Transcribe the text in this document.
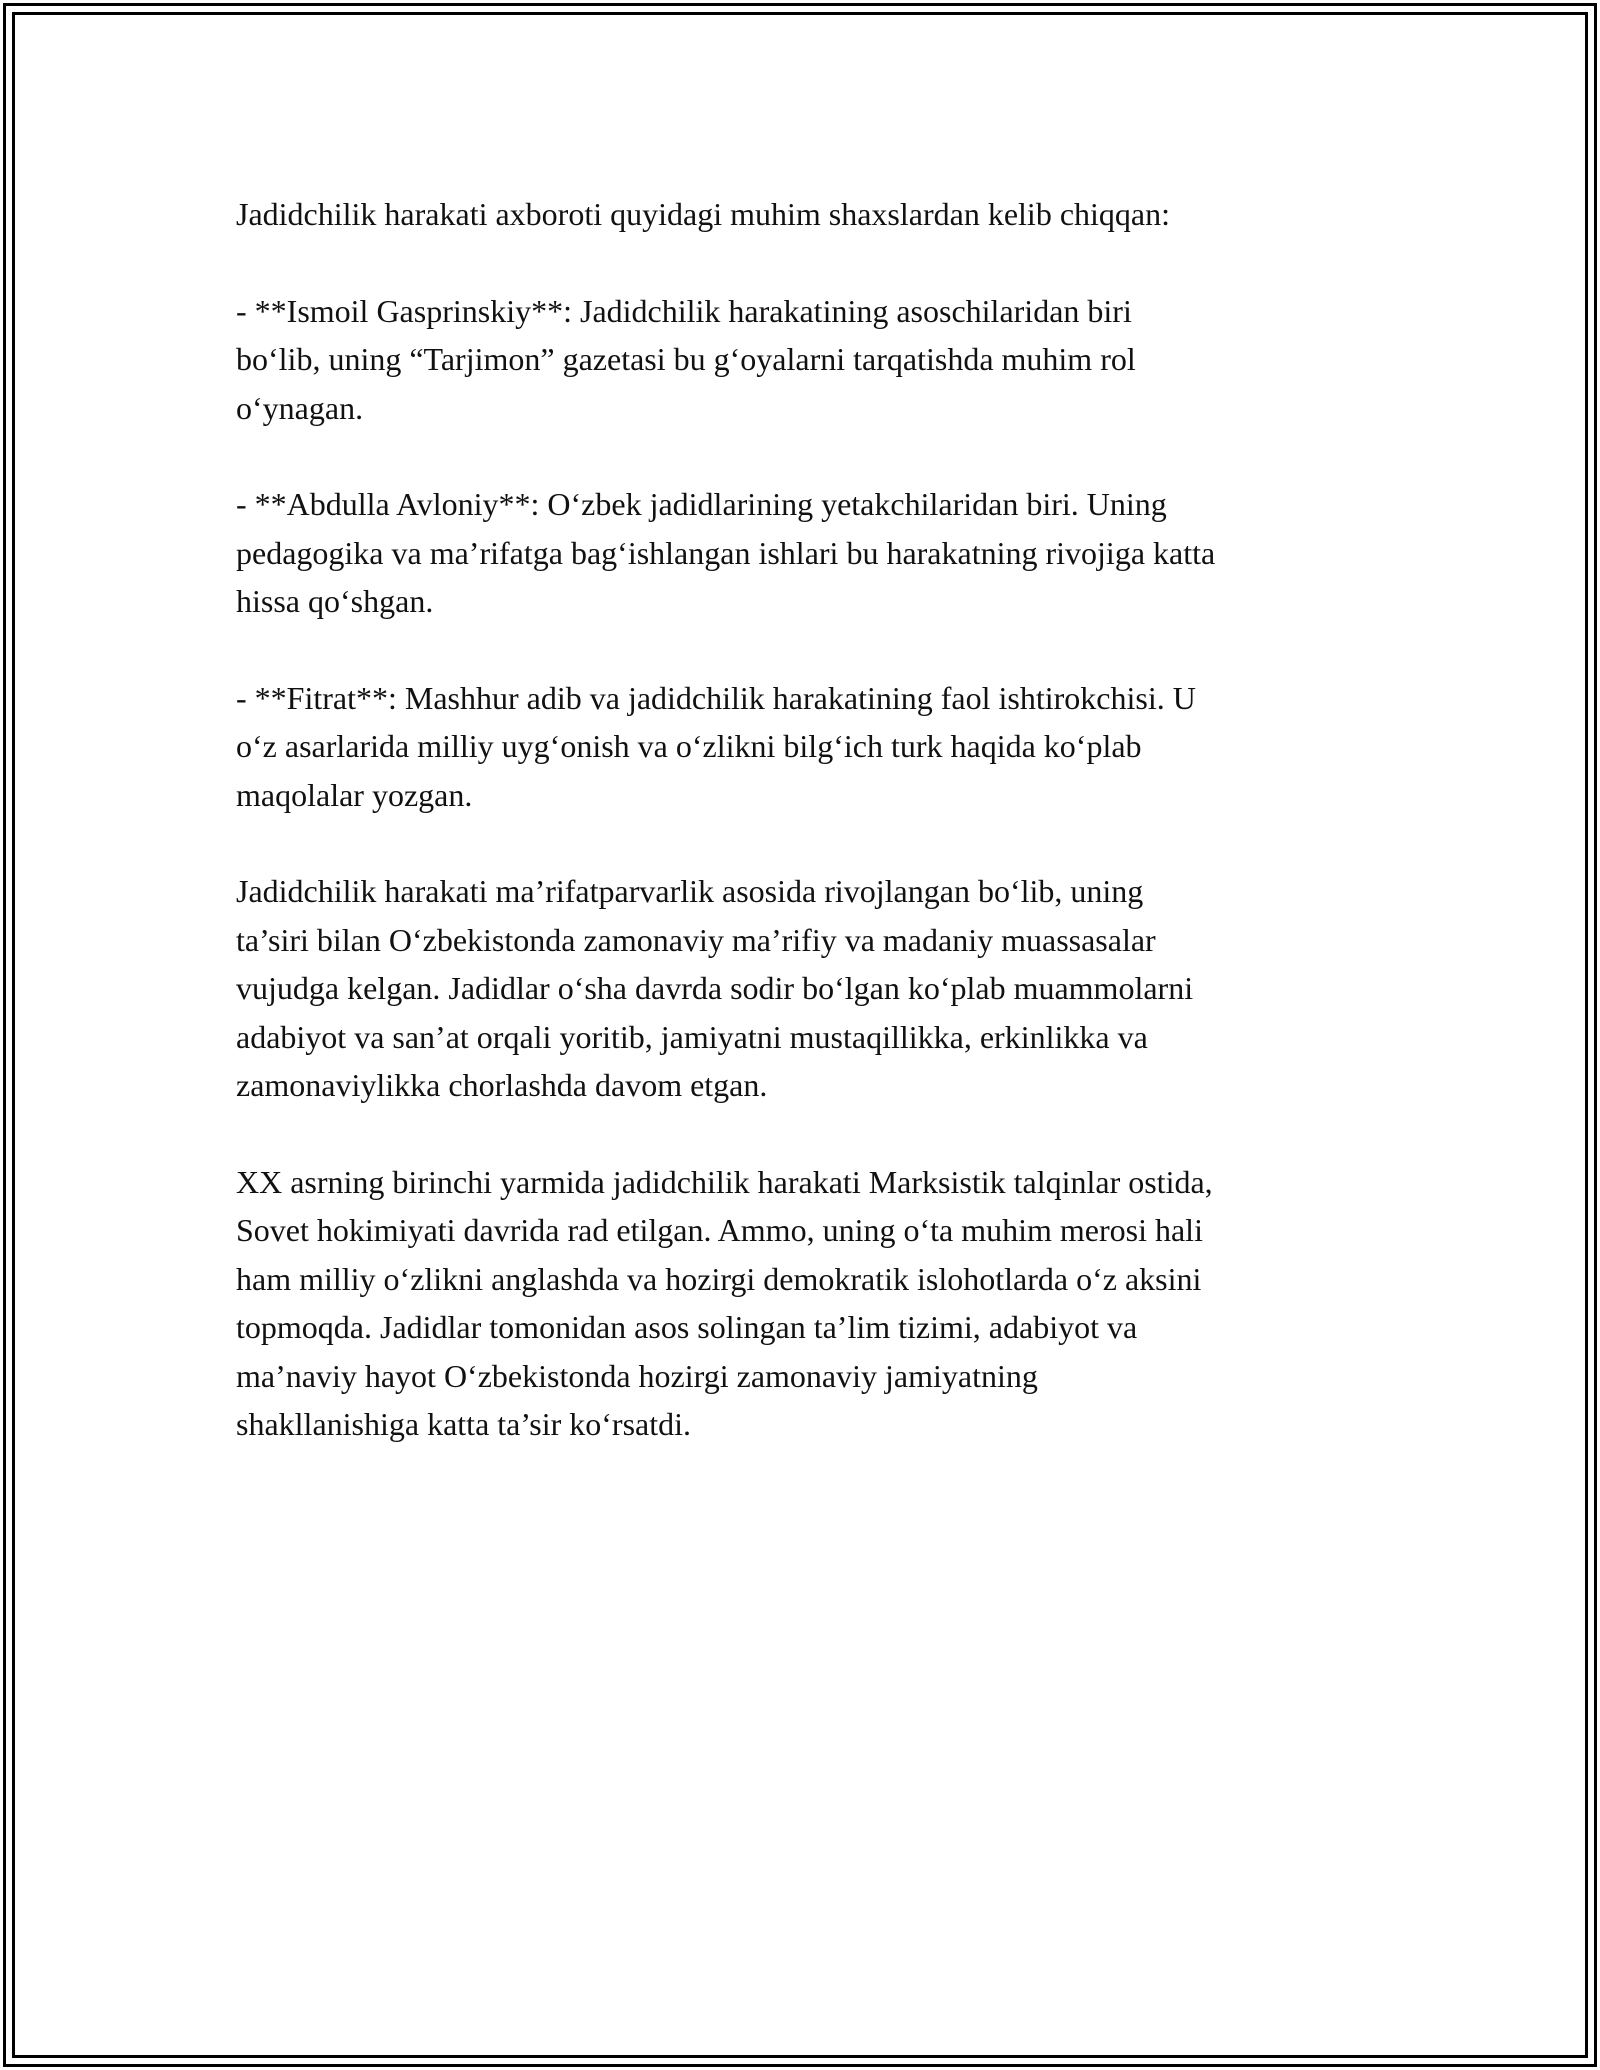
Jadidchilik harakati axboroti quyidagi muhim shaxslardan kelib chiqqan:

- **Ismoil Gasprinskiy**: Jadidchilik harakatining asoschilaridan biri
bo‘lib, uning “Tarjimon” gazetasi bu g‘oyalarni tarqatishda muhim rol
o‘ynagan.

- **Abdulla Avloniy**: O‘zbek jadidlarining yetakchilaridan biri. Uning
pedagogika va ma’rifatga bag‘ishlangan ishlari bu harakatning rivojiga katta
hissa qo‘shgan.

- **Fitrat**: Mashhur adib va jadidchilik harakatining faol ishtirokchisi. U
o‘z asarlarida milliy uyg‘onish va o‘zlikni bilg‘ich turk haqida ko‘plab
maqolalar yozgan.

Jadidchilik harakati ma’rifatparvarlik asosida rivojlangan bo‘lib, uning
ta’siri bilan O‘zbekistonda zamonaviy ma’rifiy va madaniy muassasalar
vujudga kelgan. Jadidlar o‘sha davrda sodir bo‘lgan ko‘plab muammolarni
adabiyot va san’at orqali yoritib, jamiyatni mustaqillikka, erkinlikka va
zamonaviylikka chorlashda davom etgan.

XX asrning birinchi yarmida jadidchilik harakati Marksistik talqinlar ostida,
Sovet hokimiyati davrida rad etilgan. Ammo, uning o‘ta muhim merosi hali
ham milliy o‘zlikni anglashda va hozirgi demokratik islohotlarda o‘z aksini
topmoqda. Jadidlar tomonidan asos solingan ta’lim tizimi, adabiyot va
ma’naviy hayot O‘zbekistonda hozirgi zamonaviy jamiyatning
shakllanishiga katta ta’sir ko‘rsatdi.
